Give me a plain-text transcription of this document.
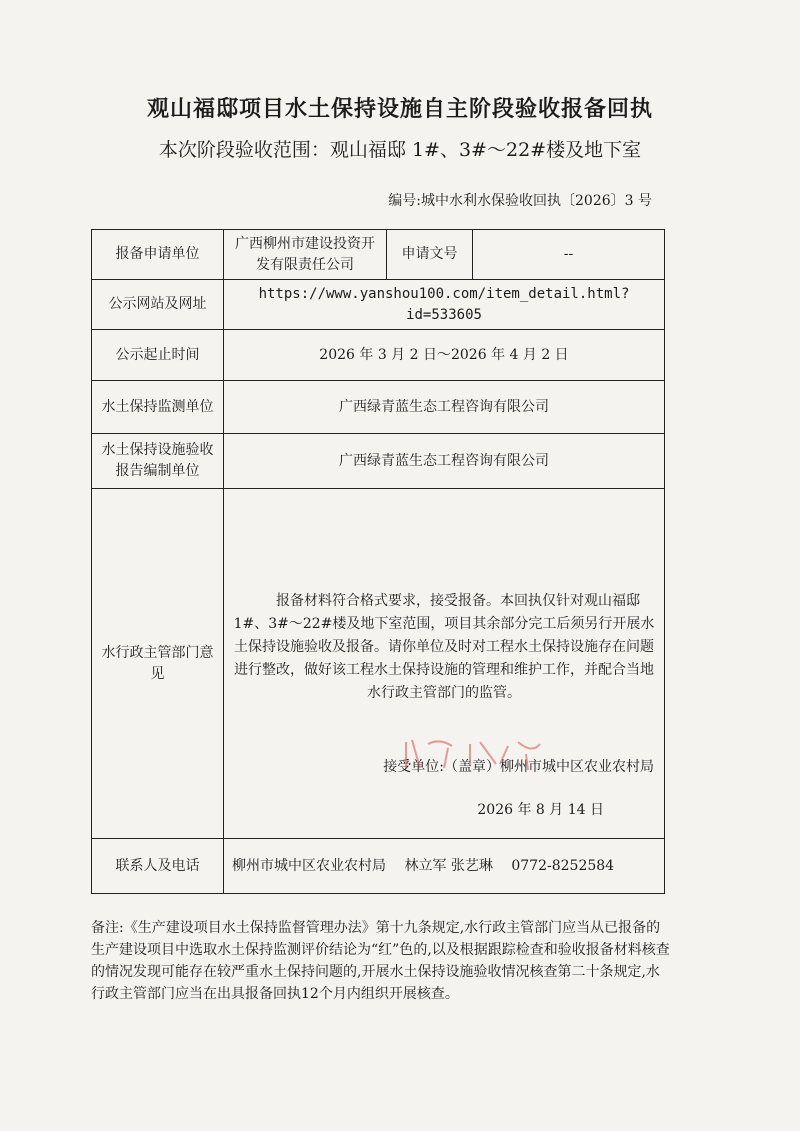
观山福邸项目水土保持设施自主阶段验收报备回执
本次阶段验收范围：观山福邸 1#、3#～22#楼及地下室
编号:城中水利水保验收回执〔2026〕3 号
报备申请单位	广西柳州市建设投资开发有限责任公司	申请文号	--
公示网站及网址	https://www.yanshou100.com/item_detail.html?id=533605		
公示起止时间	2026 年 3 月 2 日～2026 年 4 月 2 日		
水土保持监测单位	广西绿青蓝生态工程咨询有限公司		
水土保持设施验收报告编制单位	广西绿青蓝生态工程咨询有限公司		
水行政主管部门意见	报备材料符合格式要求，接受报备。本回执仅针对观山福邸 1#、3#～22#楼及地下室范围，项目其余部分完工后须另行开展水土保持设施验收及报备。请你单位及时对工程水土保持设施存在问题进行整改，做好该工程水土保持设施的管理和维护工作，并配合当地水行政主管部门的监管。
接受单位:（盖章）柳州市城中区农业农村局
2026 年 8 月 14 日		

联系人及电话	柳州市城中区农业农村局 林立军 张艺琳 0772-8252584		
备注:《生产建设项目水土保持监督管理办法》第十九条规定,水行政主管部门应当从已报备的生产建设项目中选取水土保持监测评价结论为“红”色的,以及根据跟踪检查和验收报备材料核查的情况发现可能存在较严重水土保持问题的,开展水土保持设施验收情况核查第二十条规定,水行政主管部门应当在出具报备回执12个月内组织开展核查。
